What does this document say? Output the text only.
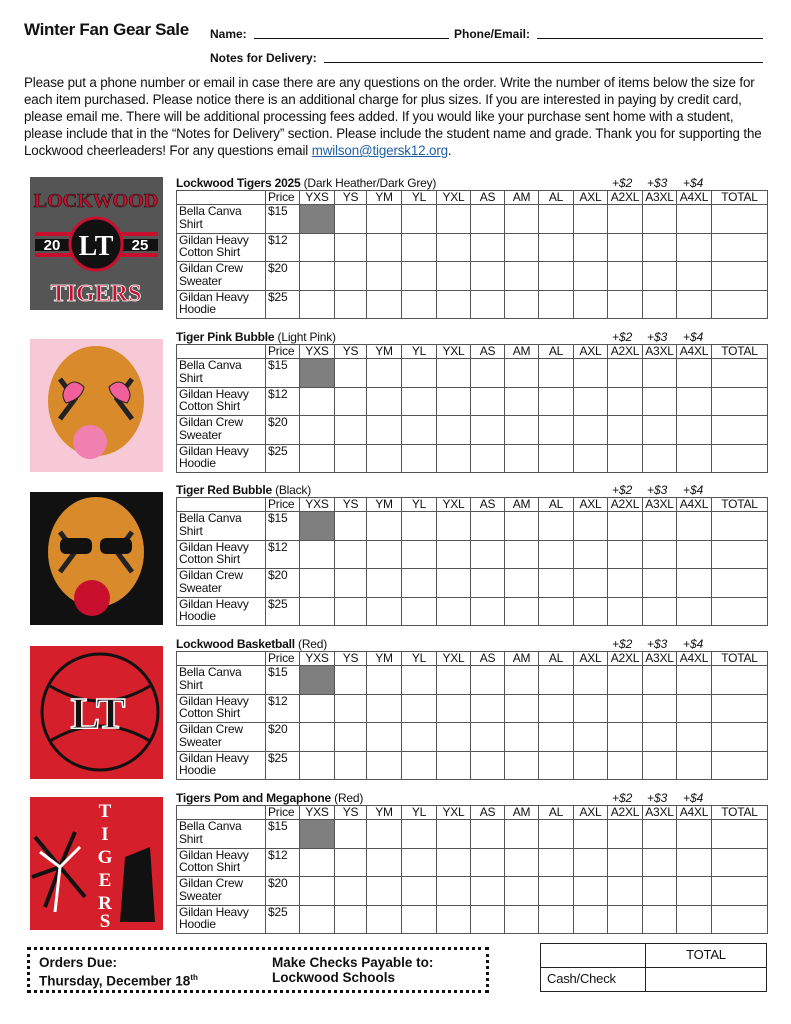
Winter Fan Gear Sale Name:	Phone/Email:
Notes for Delivery:
Please put a phone number or email in case there are any questions on the order. Write the number of items below the size for each item purchased. Please notice there is an additional charge for plus sizes. If you are interested in paying by credit card, please email me. There will be additional processing fees added. If you would like your purchase sent home with a student, please include that in the “Notes for Delivery” section. Please include the student name and grade. Thank you for supporting the Lockwood cheerleaders! For any questions email mwilson@tigersk12.org.
Lockwood Tigers 2025 (Dark Heather/Dark Grey)	+$2 +$3 +$4
	Price	YXS	YS	YM	YL	YXL	AS	AM	AL	AXL	A2XL	A3XL	A4XL	TOTAL
Bella Canva Shirt	$15													
Gildan Heavy Cotton Shirt	$12													
Gildan Crew Sweater	$20													
Gildan Heavy Hoodie	$25													
Tiger Pink Bubble (Light Pink)	+$2 +$3 +$4
	Price	YXS	YS	YM	YL	YXL	AS	AM	AL	AXL	A2XL	A3XL	A4XL	TOTAL
Bella Canva Shirt	$15													
Gildan Heavy Cotton Shirt	$12													
Gildan Crew Sweater	$20													
Gildan Heavy Hoodie	$25													
Tiger Red Bubble (Black)	+$2 +$3 +$4
	Price	YXS	YS	YM	YL	YXL	AS	AM	AL	AXL	A2XL	A3XL	A4XL	TOTAL
Bella Canva Shirt	$15													
Gildan Heavy Cotton Shirt	$12													
Gildan Crew Sweater	$20													
Gildan Heavy Hoodie	$25													
Lockwood Basketball (Red)	+$2 +$3 +$4
	Price	YXS	YS	YM	YL	YXL	AS	AM	AL	AXL	A2XL	A3XL	A4XL	TOTAL
Bella Canva Shirt	$15													
Gildan Heavy Cotton Shirt	$12													
Gildan Crew Sweater	$20													
Gildan Heavy Hoodie	$25													
Tigers Pom and Megaphone (Red)	+$2 +$3 +$4
	Price	YXS	YS	YM	YL	YXL	AS	AM	AL	AXL	A2XL	A3XL	A4XL	TOTAL
Bella Canva Shirt	$15													
Gildan Heavy Cotton Shirt	$12													
Gildan Crew Sweater	$20													
Gildan Heavy Hoodie	$25													
LOCKWOOD
LT
20	25
TIGERS
LT
T
I
G
E
R
S
Orders Due:
Thursday, December 18th
Make Checks Payable to:
Lockwood Schools
	TOTAL
Cash/Check	
